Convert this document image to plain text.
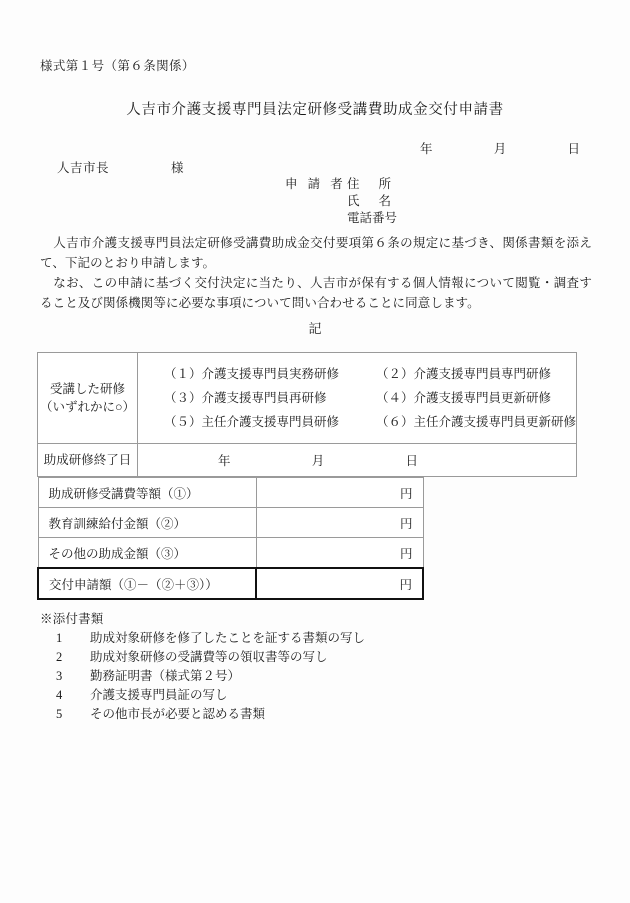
様式第１号（第６条関係）
人吉市介護支援専門員法定研修受講費助成金交付申請書
年	月	日
人吉市長	様
申 請 者 住 所
氏 名
電話番号
人吉市介護支援専門員法定研修受講費助成金交付要項第６条の規定に基づき、関係書類を添えて、下記のとおり申請します。
なお、この申請に基づく交付決定に当たり、人吉市が保有する個人情報について閲覧・調査すること及び関係機関等に必要な事項について問い合わせることに同意します。
記
受講した研修
（いずれかに○）

（１）介護支援専門員実務研修	（２）介護支援専門員専門研修
（３）介護支援専門員再研修	（４）介護支援専門員更新研修
（５）主任介護支援専門員研修	（６）主任介護支援専門員更新研修

助成研修終了日	年 月 日
助成研修受講費等額（①）	円
教育訓練給付金額（②）	円
その他の助成金額（③）	円
交付申請額（①－（②＋③））	円
※添付書類
1	助成対象研修を修了したことを証する書類の写し
2	助成対象研修の受講費等の領収書等の写し
3	勤務証明書（様式第２号）
4	介護支援専門員証の写し
5	その他市長が必要と認める書類
